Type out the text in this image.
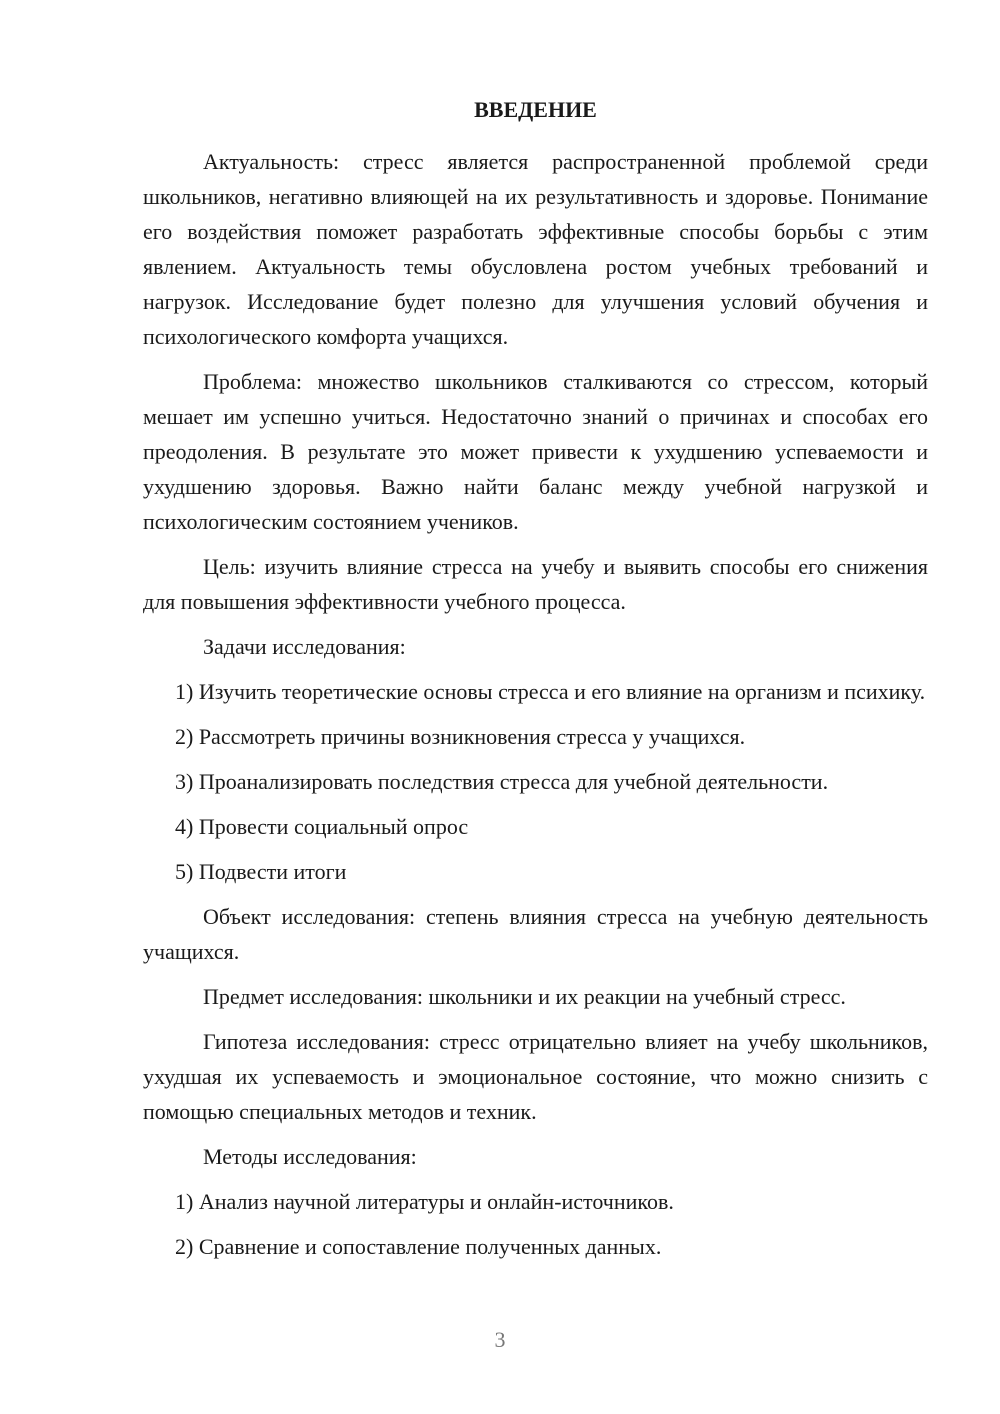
ВВЕДЕНИЕ

Актуальность: стресс является распространенной проблемой среди школьников, негативно влияющей на их результативность и здоровье. Понимание его воздействия поможет разработать эффективные способы борьбы с этим явлением. Актуальность темы обусловлена ростом учебных требований и нагрузок. Исследование будет полезно для улучшения условий обучения и психологического комфорта учащихся.

Проблема: множество школьников сталкиваются со стрессом, который мешает им успешно учиться. Недостаточно знаний о причинах и способах его преодоления. В результате это может привести к ухудшению успеваемости и ухудшению здоровья. Важно найти баланс между учебной нагрузкой и психологическим состоянием учеников.

Цель: изучить влияние стресса на учебу и выявить способы его снижения для повышения эффективности учебного процесса.

Задачи исследования:

1) Изучить теоретические основы стресса и его влияние на организм и психику.

2) Рассмотреть причины возникновения стресса у учащихся.

3) Проанализировать последствия стресса для учебной деятельности.

4) Провести социальный опрос

5) Подвести итоги

Объект исследования: степень влияния стресса на учебную деятельность учащихся.

Предмет исследования: школьники и их реакции на учебный стресс.

Гипотеза исследования: стресс отрицательно влияет на учебу школьников, ухудшая их успеваемость и эмоциональное состояние, что можно снизить с помощью специальных методов и техник.

Методы исследования:

1) Анализ научной литературы и онлайн-источников.

2) Сравнение и сопоставление полученных данных.

3
